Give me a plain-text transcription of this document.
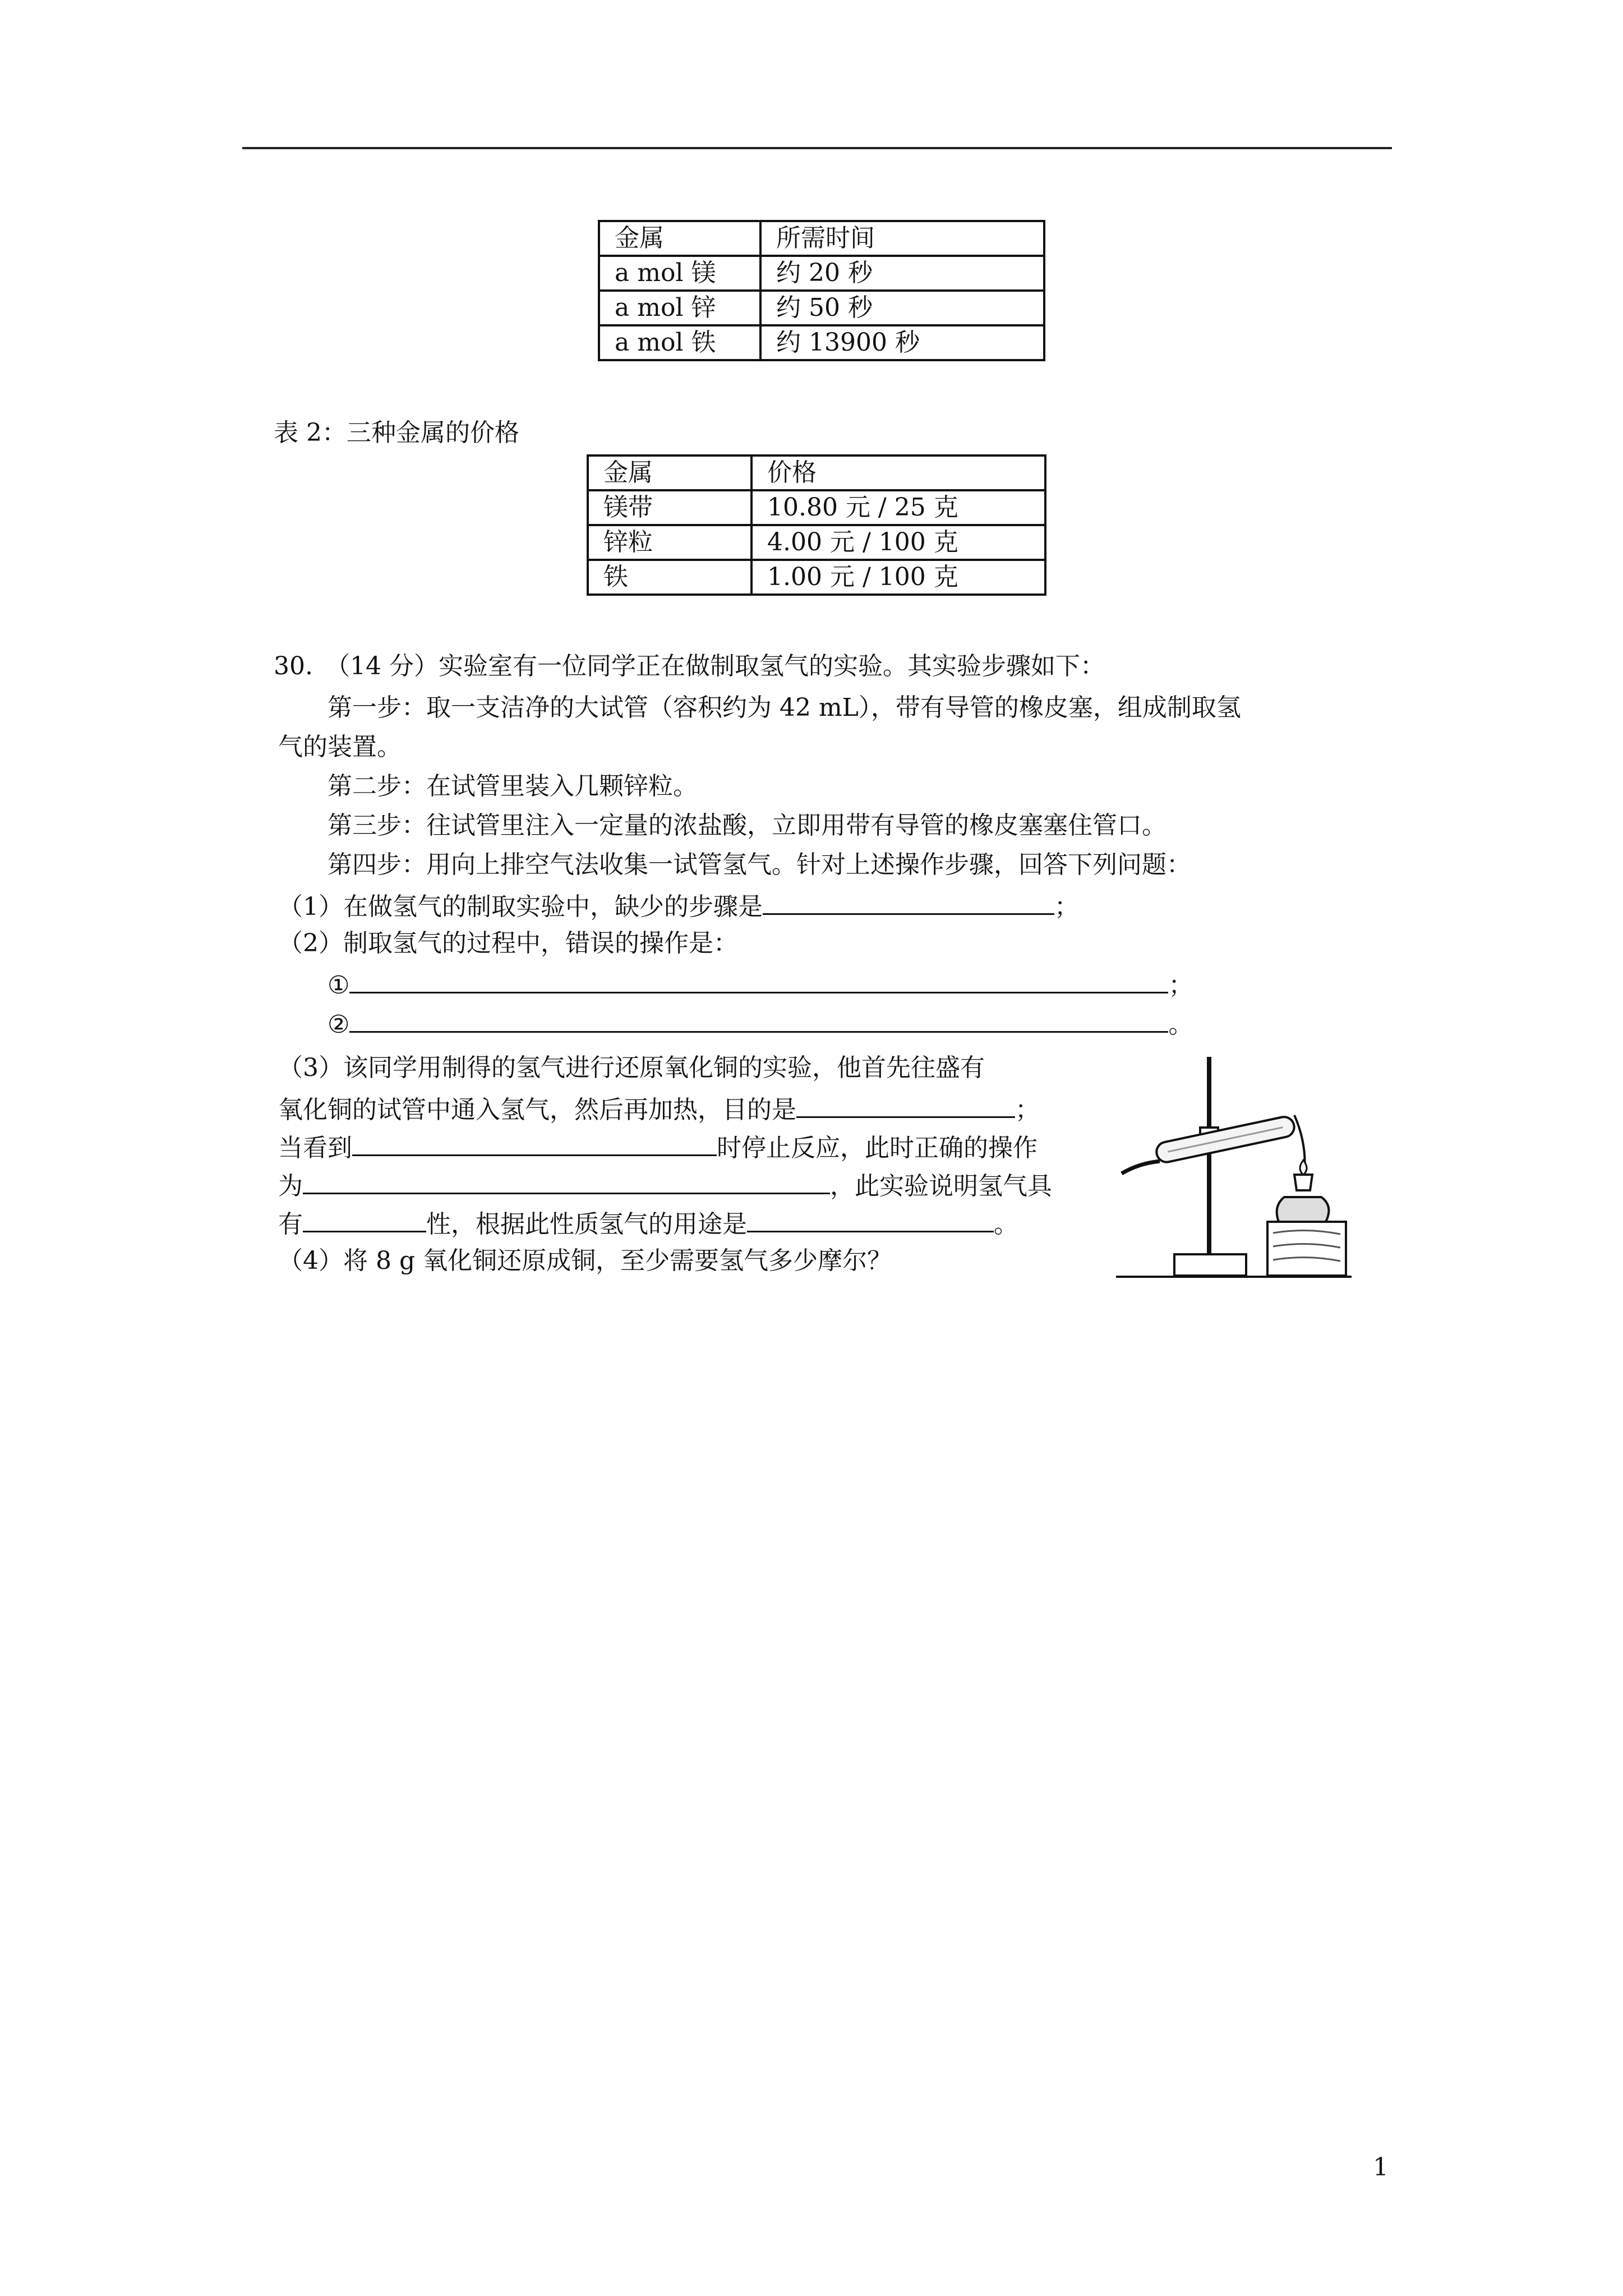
金属	所需时间
a mol 镁	约 20 秒
a mol 锌	约 50 秒
a mol 铁	约 13900 秒
表 2：三种金属的价格
金属	价格
镁带	10.80 元 / 25 克
锌粒	4.00 元 / 100 克
铁	1.00 元 / 100 克
30.　（14 分）实验室有一位同学正在做制取氢气的实验。其实验步骤如下：
第一步：取一支洁净的大试管（容积约为 42 mL），带有导管的橡皮塞，组成制取氢
气的装置。
第二步：在试管里装入几颗锌粒。
第三步：往试管里注入一定量的浓盐酸，立即用带有导管的橡皮塞塞住管口。
第四步：用向上排空气法收集一试管氢气。针对上述操作步骤，回答下列问题：
（1）在做氢气的制取实验中，缺少的步骤是	；
（2）制取氢气的过程中，错误的操作是：
①	；
②	。
（3）该同学用制得的氢气进行还原氧化铜的实验，他首先往盛有
氧化铜的试管中通入氢气，然后再加热，目的是	；
当看到	时停止反应，此时正确的操作
为	，此实验说明氢气具
有	性，根据此性质氢气的用途是	。
（4）将 8 g 氧化铜还原成铜，至少需要氢气多少摩尔？
1
